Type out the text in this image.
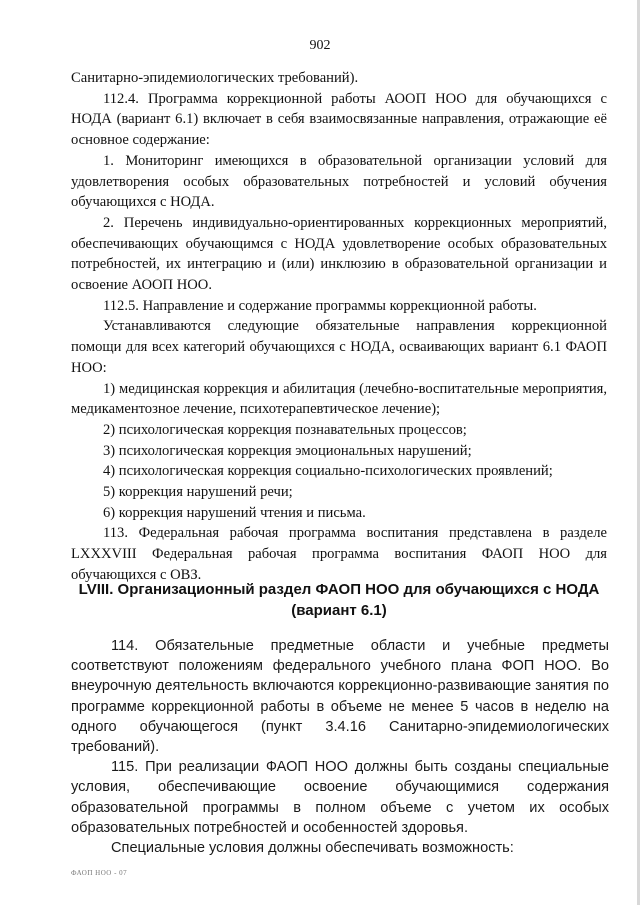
902

Санитарно-эпидемиологических требований).

112.4. Программа коррекционной работы АООП НОО для обучающихся с НОДА (вариант 6.1) включает в себя взаимосвязанные направления, отражающие её основное содержание:

1. Мониторинг имеющихся в образовательной организации условий для удовлетворения особых образовательных потребностей и условий обучения обучающихся с НОДА.

2. Перечень индивидуально-ориентированных коррекционных мероприятий, обеспечивающих обучающимся с НОДА удовлетворение особых образовательных потребностей, их интеграцию и (или) инклюзию в образовательной организации и освоение АООП НОО.

112.5. Направление и содержание программы коррекционной работы.

Устанавливаются следующие обязательные направления коррекционной помощи для всех категорий обучающихся с НОДА, осваивающих вариант 6.1 ФАОП НОО:

1) медицинская коррекция и абилитация (лечебно-воспитательные мероприятия, медикаментозное лечение, психотерапевтическое лечение);

2) психологическая коррекция познавательных процессов;

3) психологическая коррекция эмоциональных нарушений;

4) психологическая коррекция социально-психологических проявлений;

5) коррекция нарушений речи;

6) коррекция нарушений чтения и письма.

113. Федеральная рабочая программа воспитания представлена в разделе LXXXVIII Федеральная рабочая программа воспитания ФАОП НОО для обучающихся с ОВЗ.

LVIII. Организационный раздел ФАОП НОО для обучающихся с НОДА
(вариант 6.1)

114. Обязательные предметные области и учебные предметы соответствуют положениям федерального учебного плана ФОП НОО. Во внеурочную деятельность включаются коррекционно-развивающие занятия по программе коррекционной работы в объеме не менее 5 часов в неделю на одного обучающегося (пункт 3.4.16 Санитарно-эпидемиологических требований).

115. При реализации ФАОП НОО должны быть созданы специальные условия, обеспечивающие освоение обучающимися содержания образовательной программы в полном объеме с учетом их особых образовательных потребностей и особенностей здоровья.

Специальные условия должны обеспечивать возможность:

ФАОП НОО - 07
